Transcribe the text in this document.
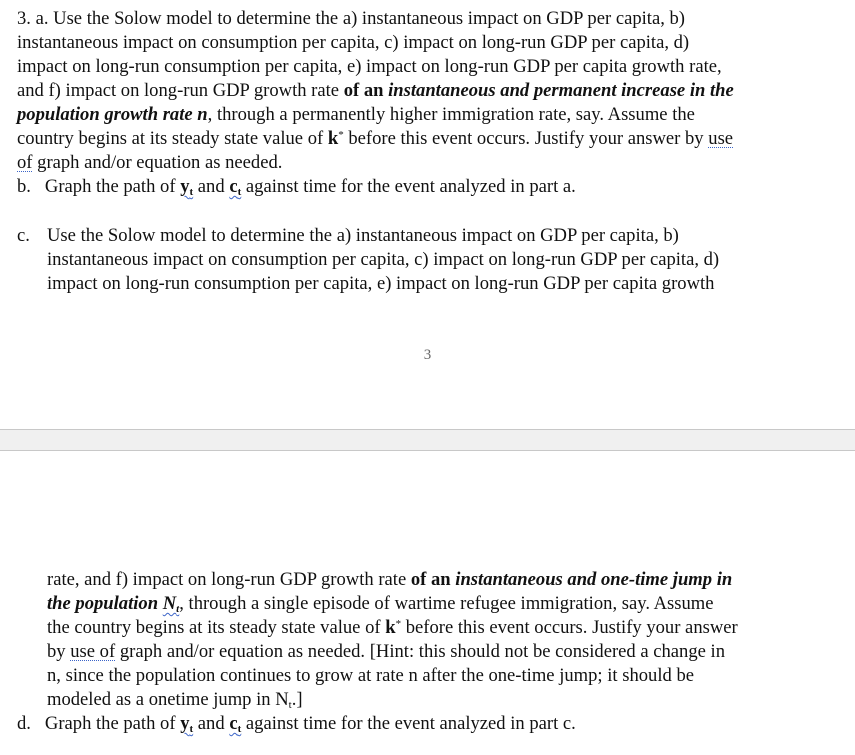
3. a. Use the Solow model to determine the a) instantaneous impact on GDP per capita, b)
instantaneous impact on consumption per capita, c) impact on long-run GDP per capita, d)
impact on long-run consumption per capita, e) impact on long-run GDP per capita growth rate,
and f) impact on long-run GDP growth rate of an instantaneous and permanent increase in the
population growth rate n, through a permanently higher immigration rate, say. Assume the
country begins at its steady state value of k* before this event occurs. Justify your answer by use
of graph and/or equation as needed.
b. Graph the path of $y_t$ and $c_t$ against time for the event analyzed in part a.
c. Use the Solow model to determine the a) instantaneous impact on GDP per capita, b)
instantaneous impact on consumption per capita, c) impact on long-run GDP per capita, d)
impact on long-run consumption per capita, e) impact on long-run GDP per capita growth
3
rate, and f) impact on long-run GDP growth rate of an instantaneous and one-time jump in
the population $N_t$, through a single episode of wartime refugee immigration, say. Assume
the country begins at its steady state value of k* before this event occurs. Justify your answer
by use of graph and/or equation as needed. [Hint: this should not be considered a change in
n, since the population continues to grow at rate n after the one-time jump; it should be
modeled as a onetime jump in $N_t$.]
d. Graph the path of $y_t$ and $c_t$ against time for the event analyzed in part c.
